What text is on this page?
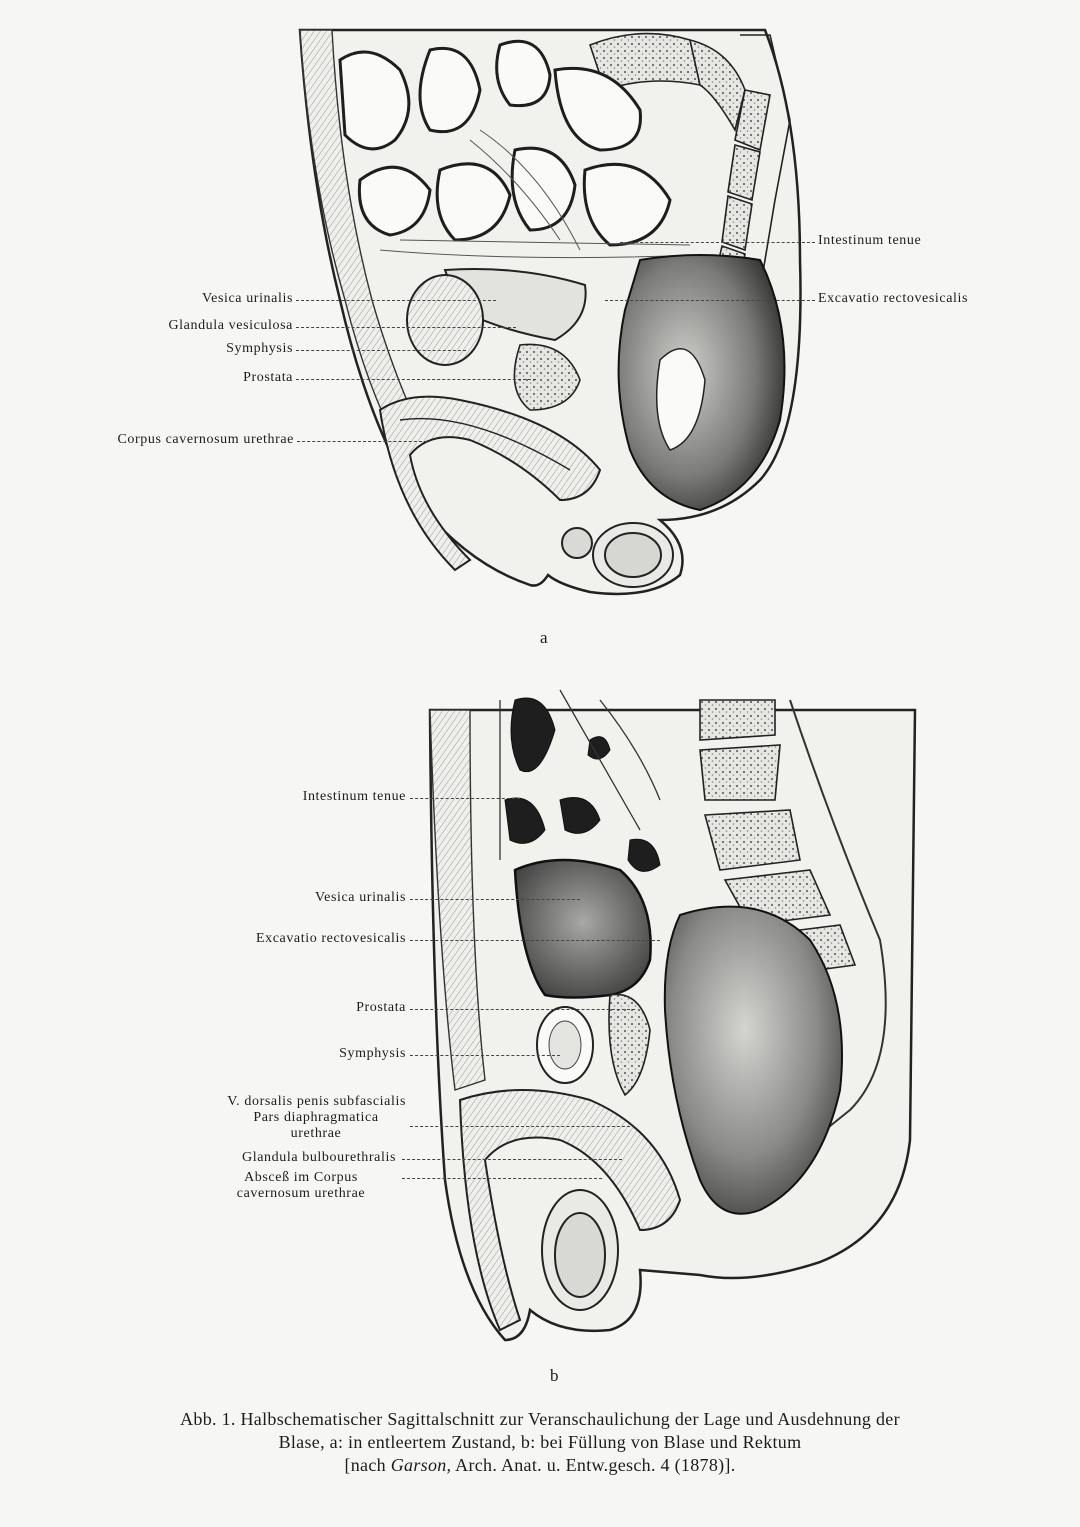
Intestinum tenue
Excavatio rectovesicalis
Vesica urinalis
Glandula vesiculosa
Symphysis
Prostata
Corpus cavernosum urethrae
a
Intestinum tenue
Vesica urinalis
Excavatio rectovesicalis
Prostata
Symphysis
V. dorsalis penis subfascialis
Pars diaphragmatica
urethrae
Glandula bulbourethralis
Absceß im Corpus
cavernosum urethrae
b
Abb. 1. Halbschematischer Sagittalschnitt zur Veranschaulichung der Lage und Ausdehnung der
Blase, a: in entleertem Zustand, b: bei Füllung von Blase und Rektum
[nach Garson, Arch. Anat. u. Entw.gesch. 4 (1878)].
